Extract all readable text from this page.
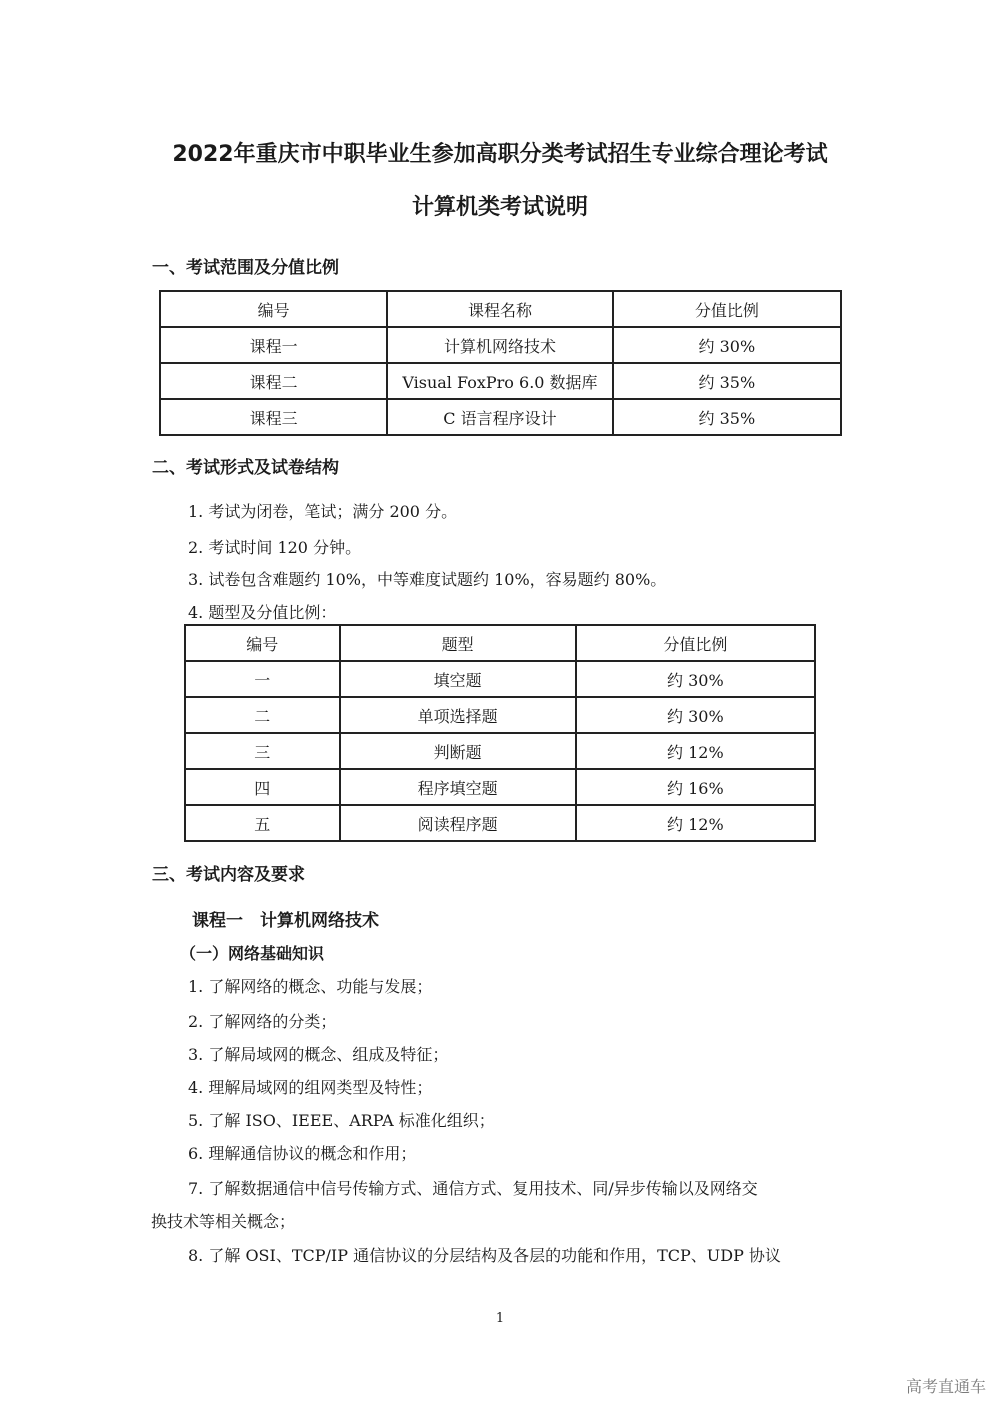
2022年重庆市中职毕业生参加高职分类考试招生专业综合理论考试
计算机类考试说明
一、考试范围及分值比例
编号	课程名称	分值比例
课程一	计算机网络技术	约 30%
课程二	Visual FoxPro 6.0 数据库	约 35%
课程三	C 语言程序设计	约 35%
二、考试形式及试卷结构
1. 考试为闭卷，笔试；满分 200 分。
2. 考试时间 120 分钟。
3. 试卷包含难题约 10%，中等难度试题约 10%，容易题约 80%。
4. 题型及分值比例：
编号	题型	分值比例
一	填空题	约 30%
二	单项选择题	约 30%
三	判断题	约 12%
四	程序填空题	约 16%
五	阅读程序题	约 12%
三、考试内容及要求
课程一　计算机网络技术
（一）网络基础知识
1. 了解网络的概念、功能与发展；
2. 了解网络的分类；
3. 了解局域网的概念、组成及特征；
4. 理解局域网的组网类型及特性；
5. 了解 ISO、IEEE、ARPA 标准化组织；
6. 理解通信协议的概念和作用；
7. 了解数据通信中信号传输方式、通信方式、复用技术、同/异步传输以及网络交
换技术等相关概念；
8. 了解 OSI、TCP/IP 通信协议的分层结构及各层的功能和作用，TCP、UDP 协议
1
高考直通车
